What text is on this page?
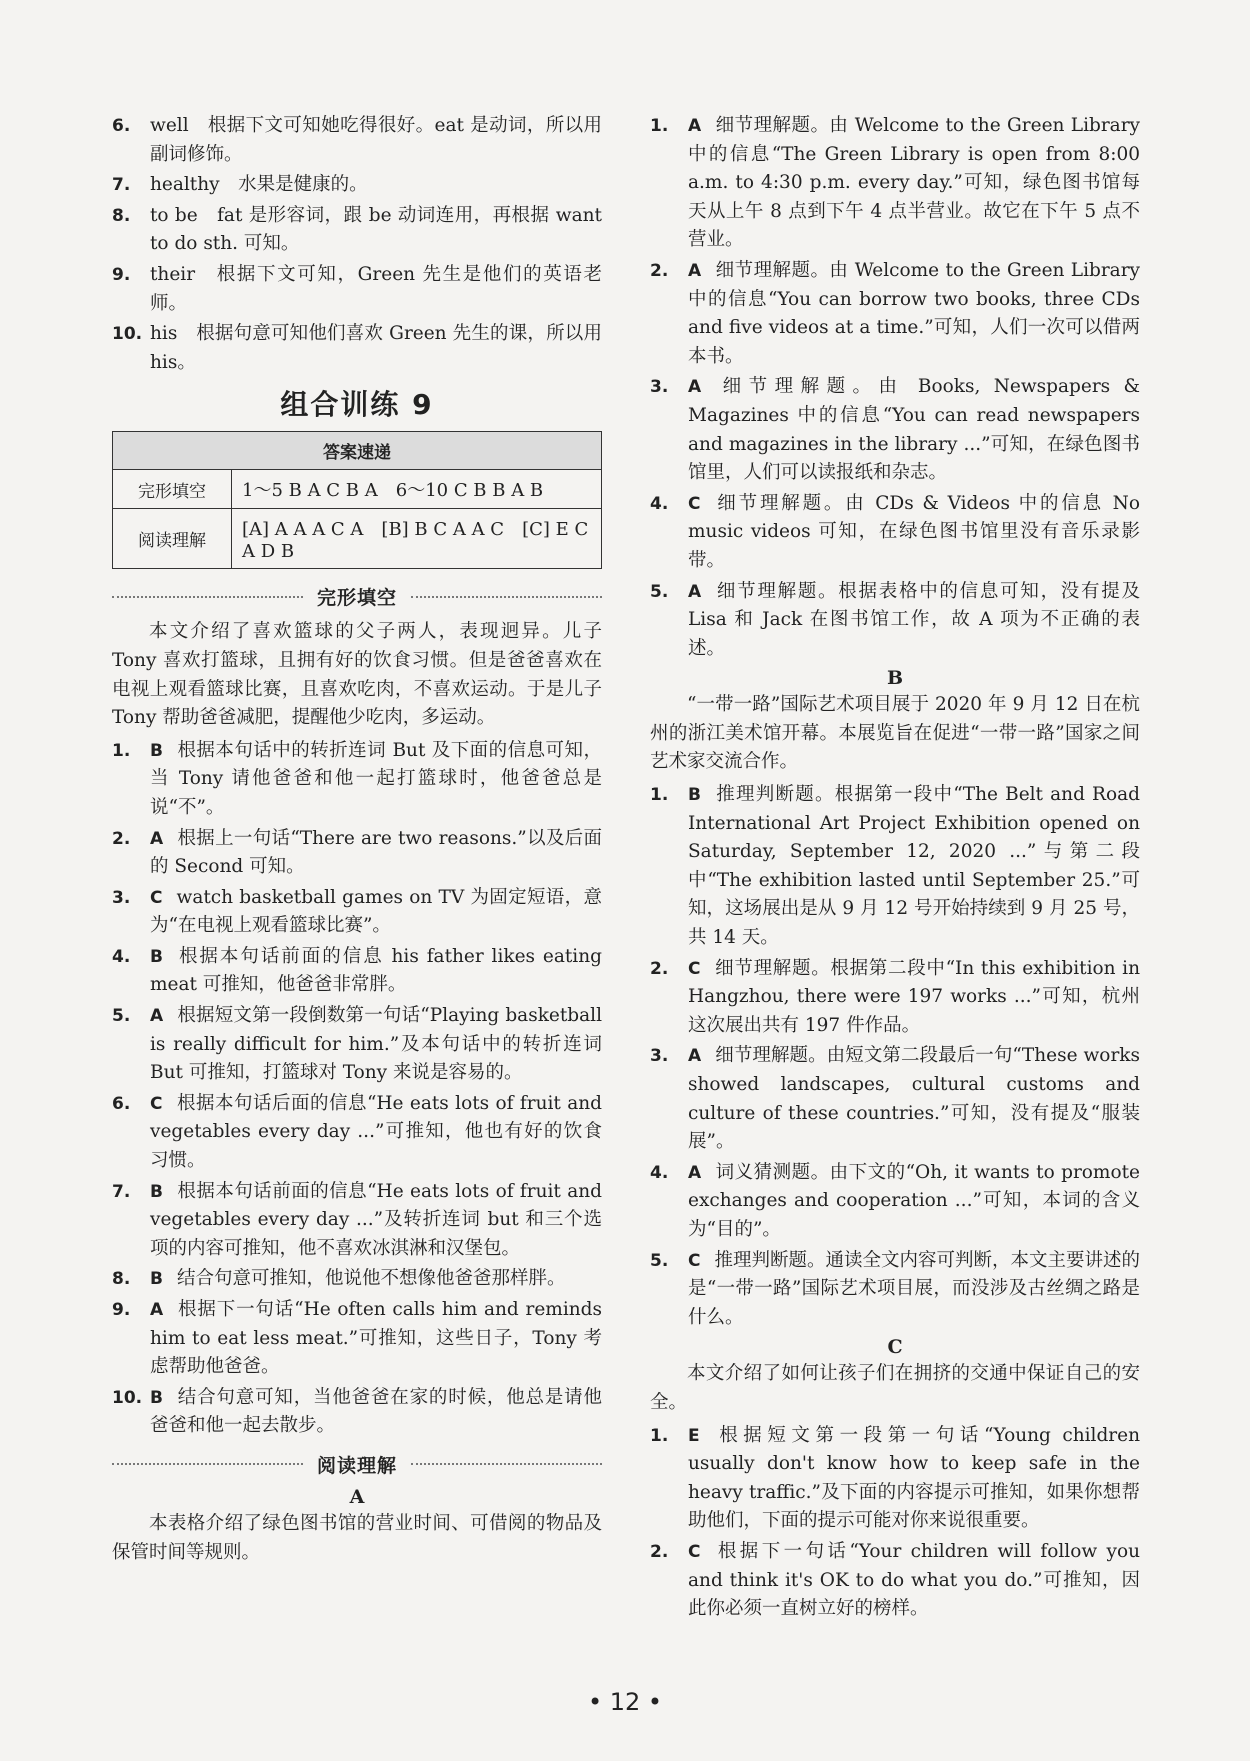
6. well　根据下文可知她吃得很好。eat 是动词，所以用副词修饰。
7. healthy　水果是健康的。
8. to be　fat 是形容词，跟 be 动词连用，再根据 want to do sth. 可知。
9. their　根据下文可知，Green 先生是他们的英语老师。
10. his　根据句意可知他们喜欢 Green 先生的课，所以用 his。
组合训练 9
答案速递	
完形填空	1～5 B A C B A　6～10 C B B A B
阅读理解	[A] A A A C A　[B] B C A A C　[C] E C A D B
完形填空
本文介绍了喜欢篮球的父子两人，表现迥异。儿子 Tony 喜欢打篮球，且拥有好的饮食习惯。但是爸爸喜欢在电视上观看篮球比赛，且喜欢吃肉，不喜欢运动。于是儿子 Tony 帮助爸爸减肥，提醒他少吃肉，多运动。
1. B 根据本句话中的转折连词 But 及下面的信息可知，当 Tony 请他爸爸和他一起打篮球时，他爸爸总是说“不”。
2. A 根据上一句话“There are two reasons.”以及后面的 Second 可知。
3. C watch basketball games on TV 为固定短语，意为“在电视上观看篮球比赛”。
4. B 根据本句话前面的信息 his father likes eating meat 可推知，他爸爸非常胖。
5. A 根据短文第一段倒数第一句话“Playing basketball is really difficult for him.”及本句话中的转折连词 But 可推知，打篮球对 Tony 来说是容易的。
6. C 根据本句话后面的信息“He eats lots of fruit and vegetables every day ...”可推知，他也有好的饮食习惯。
7. B 根据本句话前面的信息“He eats lots of fruit and vegetables every day ...”及转折连词 but 和三个选项的内容可推知，他不喜欢冰淇淋和汉堡包。
8. B 结合句意可推知，他说他不想像他爸爸那样胖。
9. A 根据下一句话“He often calls him and reminds him to eat less meat.”可推知，这些日子，Tony 考虑帮助他爸爸。
10. B 结合句意可知，当他爸爸在家的时候，他总是请他爸爸和他一起去散步。
阅读理解
A
本表格介绍了绿色图书馆的营业时间、可借阅的物品及保管时间等规则。
1. A 细节理解题。由 Welcome to the Green Library 中的信息“The Green Library is open from 8:00 a.m. to 4:30 p.m. every day.”可知，绿色图书馆每天从上午 8 点到下午 4 点半营业。故它在下午 5 点不营业。
2. A 细节理解题。由 Welcome to the Green Library 中的信息“You can borrow two books, three CDs and five videos at a time.”可知，人们一次可以借两本书。
3. A 细节理解题。由 Books, Newspapers & Magazines 中的信息“You can read newspapers and magazines in the library ...”可知，在绿色图书馆里，人们可以读报纸和杂志。
4. C 细节理解题。由 CDs & Videos 中的信息 No music videos 可知，在绿色图书馆里没有音乐录影带。
5. A 细节理解题。根据表格中的信息可知，没有提及 Lisa 和 Jack 在图书馆工作，故 A 项为不正确的表述。
B
“一带一路”国际艺术项目展于 2020 年 9 月 12 日在杭州的浙江美术馆开幕。本展览旨在促进“一带一路”国家之间艺术家交流合作。
1. B 推理判断题。根据第一段中“The Belt and Road International Art Project Exhibition opened on Saturday, September 12, 2020 ...”与第二段中“The exhibition lasted until September 25.”可知，这场展出是从 9 月 12 号开始持续到 9 月 25 号，共 14 天。
2. C 细节理解题。根据第二段中“In this exhibition in Hangzhou, there were 197 works ...”可知，杭州这次展出共有 197 件作品。
3. A 细节理解题。由短文第二段最后一句“These works showed landscapes, cultural customs and culture of these countries.”可知，没有提及“服装展”。
4. A 词义猜测题。由下文的“Oh, it wants to promote exchanges and cooperation ...”可知，本词的含义为“目的”。
5. C 推理判断题。通读全文内容可判断，本文主要讲述的是“一带一路”国际艺术项目展，而没涉及古丝绸之路是什么。
C
本文介绍了如何让孩子们在拥挤的交通中保证自己的安全。
1. E 根据短文第一段第一句话“Young children usually don't know how to keep safe in the heavy traffic.”及下面的内容提示可推知，如果你想帮助他们，下面的提示可能对你来说很重要。
2. C 根据下一句话“Your children will follow you and think it's OK to do what you do.”可推知，因此你必须一直树立好的榜样。
• 12 •
